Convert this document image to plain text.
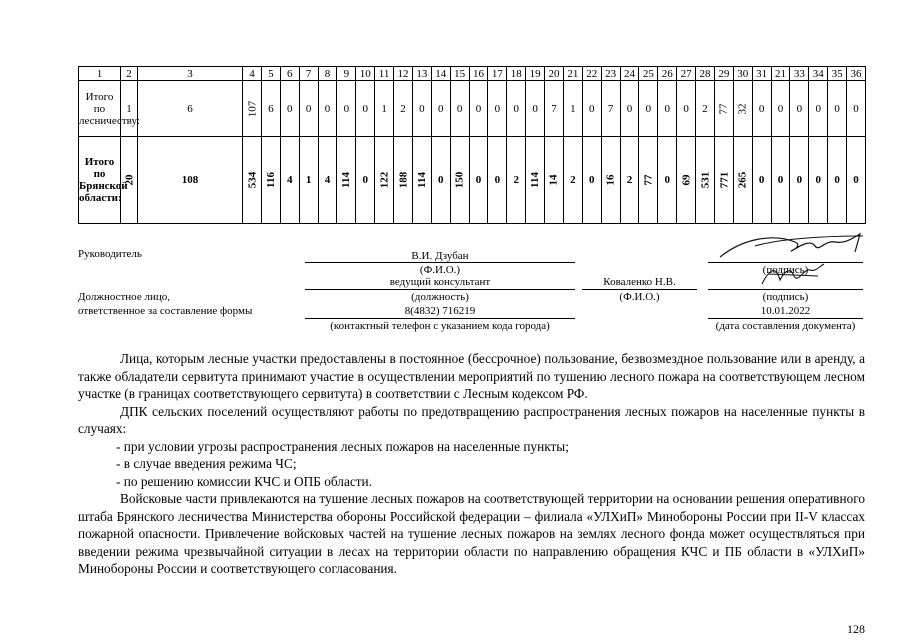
1	2	3	4	5	6	7	8	9	10	11	12	13	14	15	16	17	18	19	20	21	22	23	24	25	26	27	28	29	30	31	21	33	34	35	36
Итого по лесничеству:	1	6	107	6	0	0	0	0	0	1	2	0	0	0	0	0	0	0	7	1	0	7	0	0	0	0	2	77	32	0	0	0	0	0	0
Итого по Брянской области:	20	108	534	116	4	1	4	114	0	122	188	114	0	150	0	0	2	114	14	2	0	16	2	77	0	69	531	771	265	0	0	0	0	0	0
Руководитель	В.И. Дзубан
(Ф.И.О.)	(подпись)
ведущий консультант
(должность)
Коваленко Н.В.
(Ф.И.О.)	(подпись)
Должностное лицо,
ответственное за составление формы	8(4832) 716219
(контактный телефон с указанием кода города)
10.01.2022
(дата составления документа)

Лица, которым лесные участки предоставлены в постоянное (бессрочное) пользование, безвозмездное пользование или в аренду, а также обладатели сервитута принимают участие в осуществлении мероприятий по тушению лесного пожара на соответствующем лесном участке (в границах соответствующего сервитута) в соответствии с Лесным кодексом РФ.

ДПК сельских поселений осуществляют работы по предотвращению распространения лесных пожаров на населенные пункты в случаях:

- при условии угрозы распространения лесных пожаров на населенные пункты;

- в случае введения режима ЧС;

- по решению комиссии КЧС и ОПБ области.

Войсковые части привлекаются на тушение лесных пожаров на соответствующей территории на основании решения оперативного штаба Брянского лесничества Министерства обороны Российской федерации – филиала «УЛХиП» Минобороны России при II-V классах пожарной опасности. Привлечение войсковых частей на тушение лесных пожаров на землях лесного фонда может осуществляться при введении режима чрезвычайной ситуации в лесах на территории области по направлению обращения КЧС и ПБ области в «УЛХиП» Минобороны России и соответствующего согласования.

128
